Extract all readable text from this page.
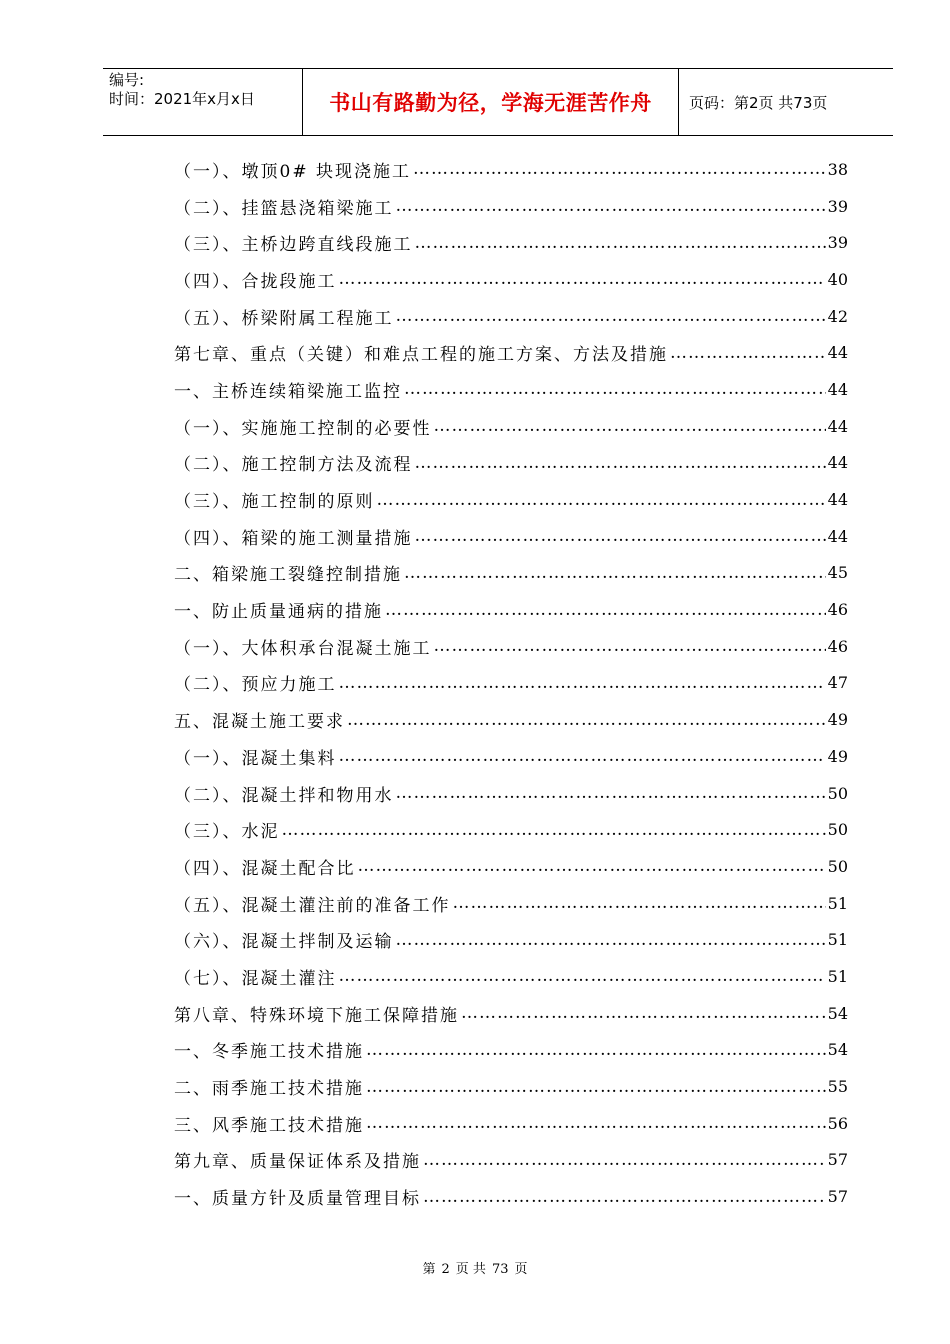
编号:
时间：2021年x月x日	书山有路勤为径，学海无涯苦作舟	页码：第2页 共73页
（一）、墩顶0# 块现浇施工 ………………………………………………………………………………………………………………………………	38
（二）、挂篮悬浇箱梁施工 ………………………………………………………………………………………………………………………………	39
（三）、主桥边跨直线段施工 ………………………………………………………………………………………………………………………………	39
（四）、合拢段施工 ………………………………………………………………………………………………………………………………	40
（五）、桥梁附属工程施工 ………………………………………………………………………………………………………………………………	42
第七章、重点（关键）和难点工程的施工方案、方法及措施 ………………………………………………………………………………………………………………………………	44
一、主桥连续箱梁施工监控 ………………………………………………………………………………………………………………………………	44
（一）、实施施工控制的必要性 ………………………………………………………………………………………………………………………………	44
（二）、施工控制方法及流程 ………………………………………………………………………………………………………………………………	44
（三）、施工控制的原则 ………………………………………………………………………………………………………………………………	44
（四）、箱梁的施工测量措施 ………………………………………………………………………………………………………………………………	44
二、箱梁施工裂缝控制措施 ………………………………………………………………………………………………………………………………	45
一、防止质量通病的措施 ………………………………………………………………………………………………………………………………	46
（一）、大体积承台混凝土施工 ………………………………………………………………………………………………………………………………	46
（二）、预应力施工 ………………………………………………………………………………………………………………………………	47
五、混凝土施工要求 ………………………………………………………………………………………………………………………………	49
（一）、混凝土集料 ………………………………………………………………………………………………………………………………	49
（二）、混凝土拌和物用水 ………………………………………………………………………………………………………………………………	50
（三）、水泥 ………………………………………………………………………………………………………………………………	50
（四）、混凝土配合比 ………………………………………………………………………………………………………………………………	50
（五）、混凝土灌注前的准备工作 ………………………………………………………………………………………………………………………………	51
（六）、混凝土拌制及运输 ………………………………………………………………………………………………………………………………	51
（七）、混凝土灌注 ………………………………………………………………………………………………………………………………	51
第八章、特殊环境下施工保障措施 ………………………………………………………………………………………………………………………………	54
一、冬季施工技术措施 ………………………………………………………………………………………………………………………………	54
二、雨季施工技术措施 ………………………………………………………………………………………………………………………………	55
三、风季施工技术措施 ………………………………………………………………………………………………………………………………	56
第九章、质量保证体系及措施 ………………………………………………………………………………………………………………………………	57
一、质量方针及质量管理目标 ………………………………………………………………………………………………………………………………	57
第 2 页 共 73 页
